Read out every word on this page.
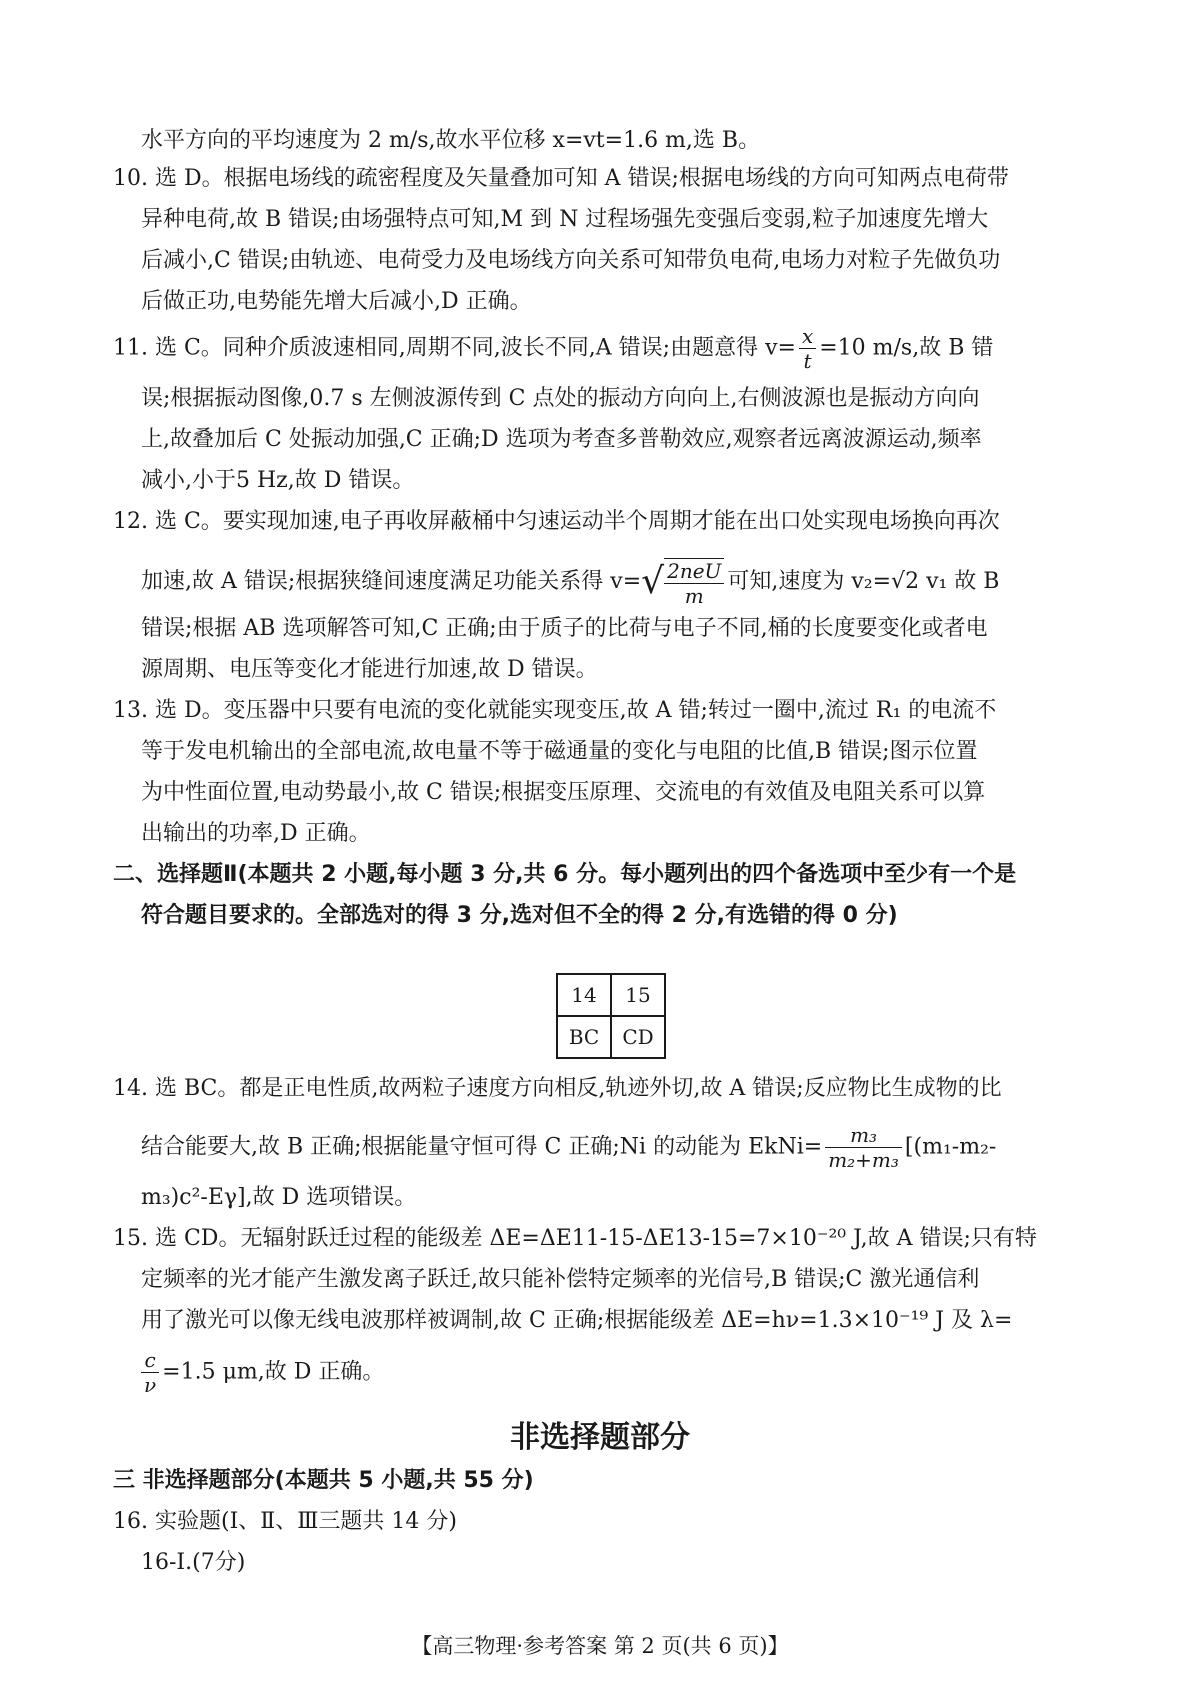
水平方向的平均速度为 2 m/s,故水平位移 x=vt=1.6 m,选 B。
10. 选 D。根据电场线的疏密程度及矢量叠加可知 A 错误;根据电场线的方向可知两点电荷带
异种电荷,故 B 错误;由场强特点可知,M 到 N 过程场强先变强后变弱,粒子加速度先增大
后减小,C 错误;由轨迹、电荷受力及电场线方向关系可知带负电荷,电场力对粒子先做负功
后做正功,电势能先增大后减小,D 正确。
11. 选 C。同种介质波速相同,周期不同,波长不同,A 错误;由题意得 $v= \frac{x}{t} =10$ m/s,故 B 错
误;根据振动图像,0.7 s 左侧波源传到 C 点处的振动方向向上,右侧波源也是振动方向向
上,故叠加后 C 处振动加强,C 正确;D 选项为考查多普勒效应,观察者远离波源运动,频率
减小,小于5 Hz,故 D 错误。
12. 选 C。要实现加速,电子再收屏蔽桶中匀速运动半个周期才能在出口处实现电场换向再次
加速,故 A 错误;根据狭缝间速度满足功能关系得 $v=√ \frac{\text{2neU}}{m}$ 可知,速度为 v₂=√2 v₁ 故 B
错误;根据 AB 选项解答可知,C 正确;由于质子的比荷与电子不同,桶的长度要变化或者电
源周期、电压等变化才能进行加速,故 D 错误。
13. 选 D。变压器中只要有电流的变化就能实现变压,故 A 错;转过一圈中,流过 R₁ 的电流不
等于发电机输出的全部电流,故电量不等于磁通量的变化与电阻的比值,B 错误;图示位置
为中性面位置,电动势最小,故 C 错误;根据变压原理、交流电的有效值及电阻关系可以算
出输出的功率,D 正确。
二、选择题Ⅱ(本题共 2 小题,每小题 3 分,共 6 分。每小题列出的四个备选项中至少有一个是
符合题目要求的。全部选对的得 3 分,选对但不全的得 2 分,有选错的得 0 分)
14	15
BC	CD
14. 选 BC。都是正电性质,故两粒子速度方向相反,轨迹外切,故 A 错误;反应物比生成物的比
结合能要大,故 B 正确;根据能量守恒可得 C 正确;Ni 的动能为 EkNi= $\frac{\text{m₃}}{\text{m₂+m₃}} [(m_1-m_2-$
m₃)c²-Eγ],故 D 选项错误。
15. 选 CD。无辐射跃迁过程的能级差 ΔE=ΔE11-15-ΔE13-15=7×10⁻²⁰ J,故 A 错误;只有特
定频率的光才能产生激发离子跃迁,故只能补偿特定频率的光信号,B 错误;C 激光通信利
用了激光可以像无线电波那样被调制,故 C 正确;根据能级差 ΔE=hν=1.3×10⁻¹⁹ J 及 λ=
$\frac{c}{\nu} =1.5$ μm,故 D 正确。
非选择题部分
三 非选择题部分(本题共 5 小题,共 55 分)
16. 实验题(Ⅰ、Ⅱ、Ⅲ三题共 14 分)
16-Ⅰ.(7分)
【高三物理·参考答案 第 2 页(共 6 页)】
